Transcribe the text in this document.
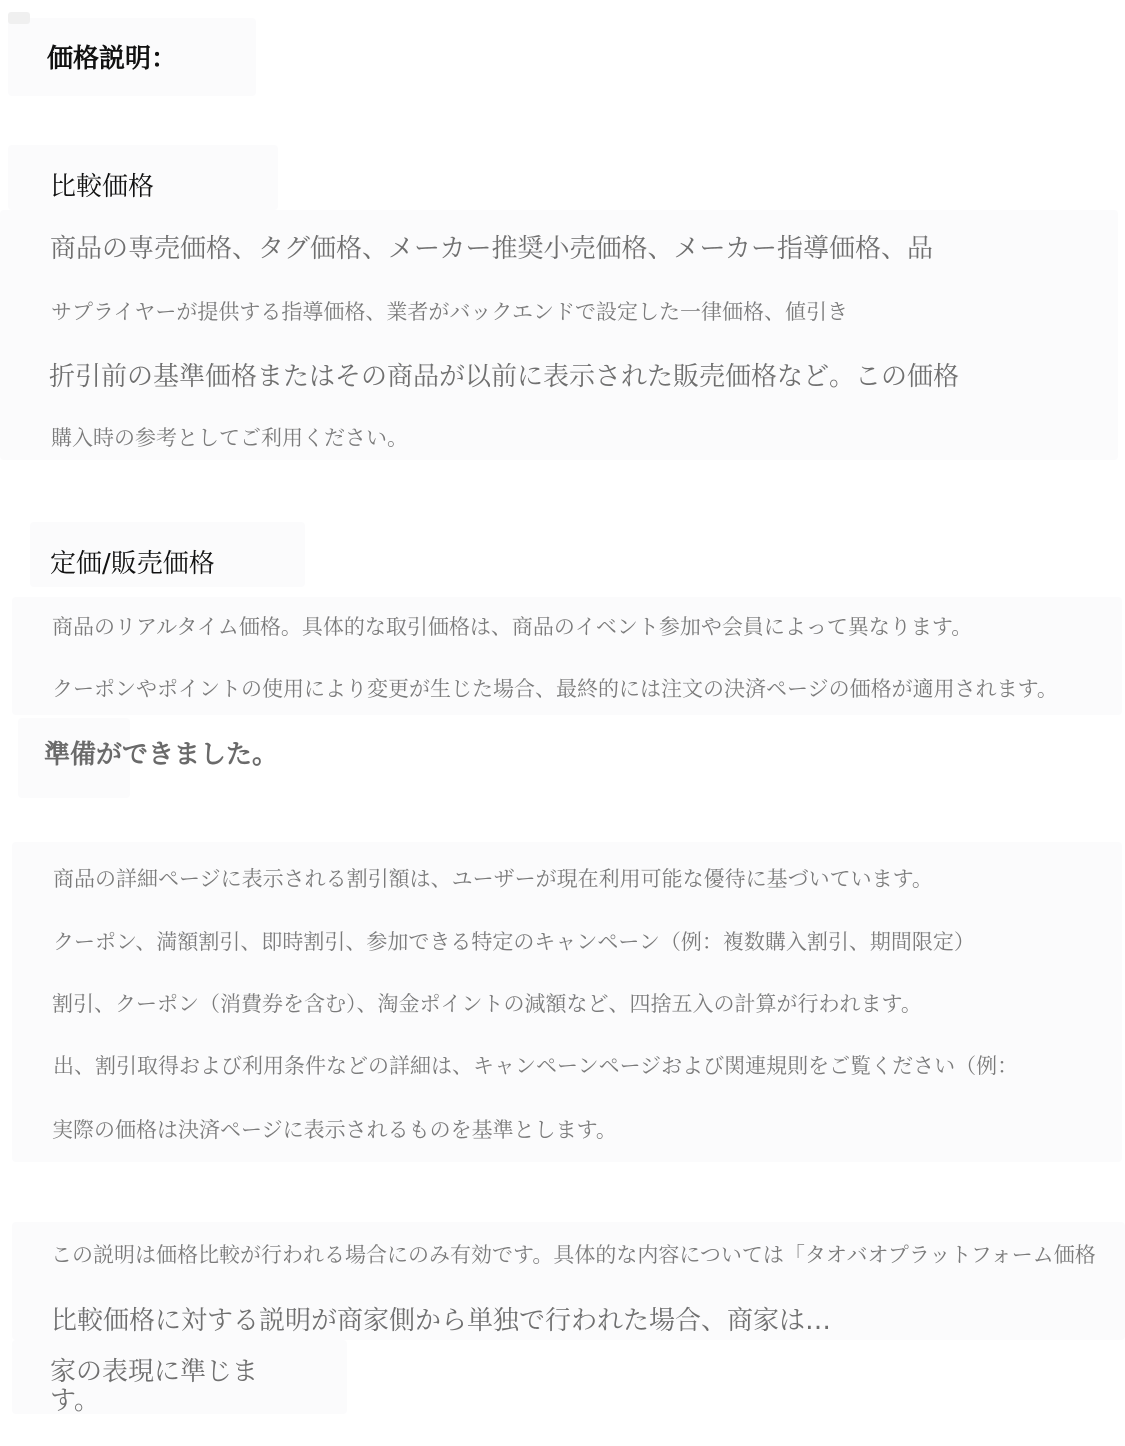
価格説明：
比較価格

商品の専売価格、タグ価格、メーカー推奨小売価格、メーカー指導価格、品

サプライヤーが提供する指導価格、業者がバックエンドで設定した一律価格、値引き

折引前の基準価格またはその商品が以前に表示された販売価格など。この価格

購入時の参考としてご利用ください。

定価/販売価格

商品のリアルタイム価格。具体的な取引価格は、商品のイベント参加や会員によって異なります。

クーポンやポイントの使用により変更が生じた場合、最終的には注文の決済ページの価格が適用されます。

準備ができました。

商品の詳細ページに表示される割引額は、ユーザーが現在利用可能な優待に基づいています。

クーポン、満額割引、即時割引、参加できる特定のキャンペーン（例：複数購入割引、期間限定）

割引、クーポン（消費券を含む）、淘金ポイントの減額など、四捨五入の計算が行われます。

出、割引取得および利用条件などの詳細は、キャンペーンページおよび関連規則をご覧ください（例：

実際の価格は決済ページに表示されるものを基準とします。

この説明は価格比較が行われる場合にのみ有効です。具体的な内容については「タオバオプラットフォーム価格

比較価格に対する説明が商家側から単独で行われた場合、商家は…

家の表現に準じま

す。
